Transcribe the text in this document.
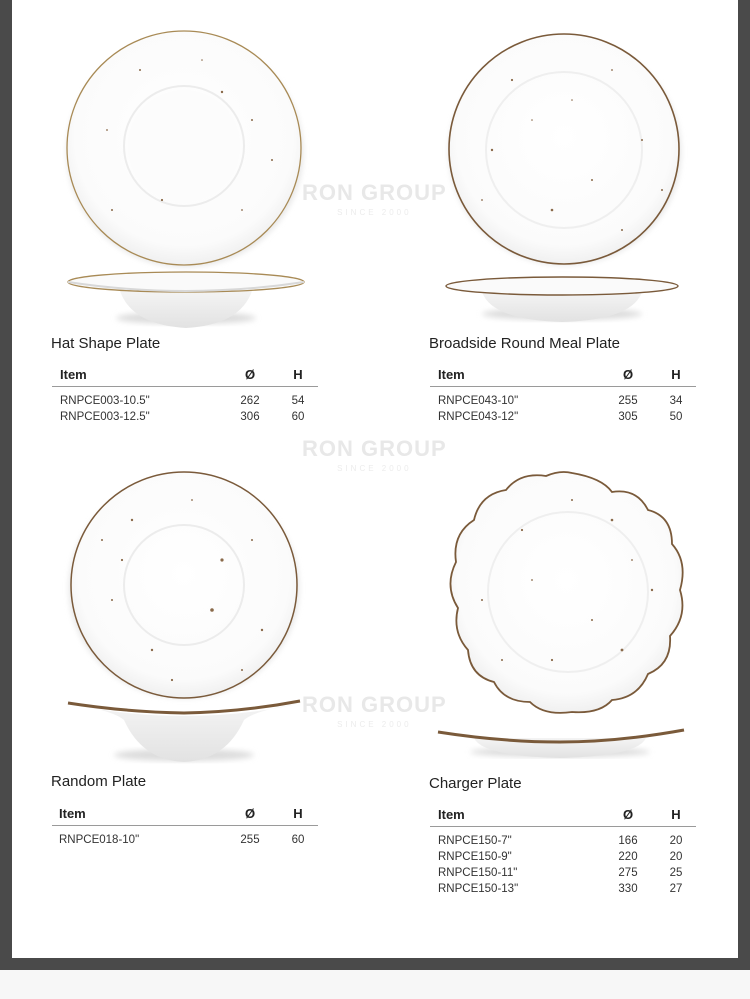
RON GROUP
SINCE 2000
RON GROUP
SINCE 2000
RON GROUP
SINCE 2000
Hat Shape Plate
Item	Ø	H
RNPCE003-10.5"	262	54
RNPCE003-12.5"	306	60
Broadside Round Meal Plate
Item	Ø	H
RNPCE043-10"	255	34
RNPCE043-12"	305	50
Random Plate
Item	Ø	H
RNPCE018-10"	255	60
Charger Plate
Item	Ø	H
RNPCE150-7"	166	20
RNPCE150-9"	220	20
RNPCE150-11"	275	25
RNPCE150-13"	330	27
